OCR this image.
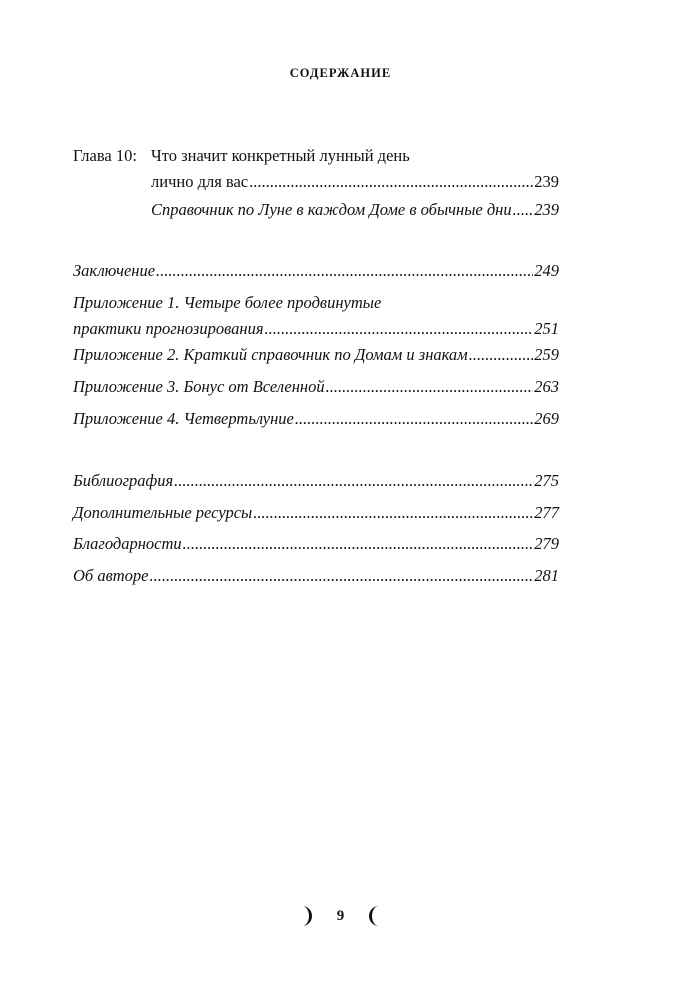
СОДЕРЖАНИЕ
Глава 10: Что значит конкретный лунный день
лично для вас .....	239
Справочник по Луне в каждом Доме в обычные дни ..... 239
Заключение .....	249
Приложение 1. Четыре более продвинутые
практики прогнозирования .....	251
Приложение 2. Краткий справочник по Домам и знакам .....	259
Приложение 3. Бонус от Вселенной .....	263
Приложение 4. Четвертьлуние .....	269
Библиография .....	275
Дополнительные ресурсы .....	277
Благодарности .....	279
Об авторе .....	281
9
